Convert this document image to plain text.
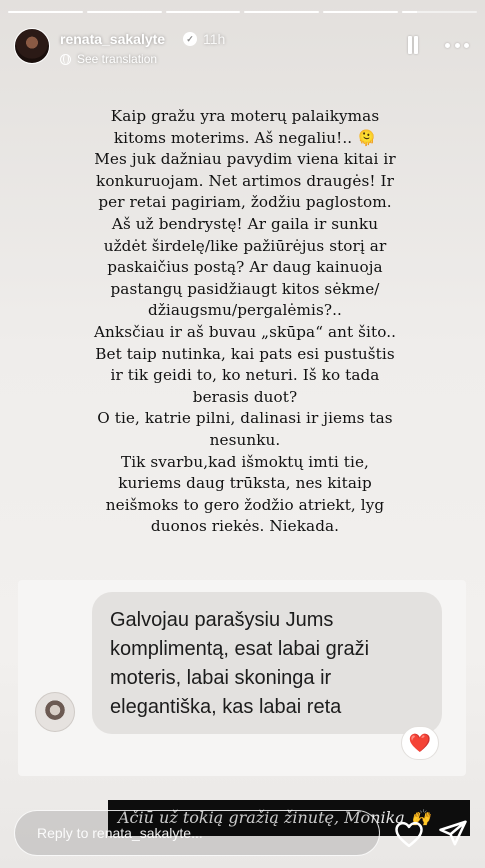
renata_sakalyte	✓ 11h
See translation
Kaip gražu yra moterų palaikymas kitoms moterims. Aš negaliu!.. 🫠
Mes juk dažniau pavydim viena kitai ir konkuruojam. Net artimos draugės! Ir per retai pagiriam, žodžiu paglostom.
Aš už bendrystę! Ar gaila ir sunku uždėt širdelę/like pažiūrėjus storį ar paskaičius postą? Ar daug kainuoja pastangų pasidžiaugt kitos sėkme/ džiaugsmu/pergalėmis?..
Anksčiau ir aš buvau „skūpa“ ant šito.. Bet taip nutinka, kai pats esi pustuštis ir tik geidi to, ko neturi. Iš ko tada berasis duot?
O tie, katrie pilni, dalinasi ir jiems tas nesunku.
Tik svarbu,kad išmoktų imti tie, kuriems daug trūksta, nes kitaip neišmoks to gero žodžio atriekt, lyg duonos riekės. Niekada.
Galvojau parašysiu Jums komplimentą, esat labai graži moteris, labai skoninga ir elegantiška, kas labai reta
❤️
Ačiū už tokią gražią žinutę, Monika 🙌
Reply to renata_sakalyte...
